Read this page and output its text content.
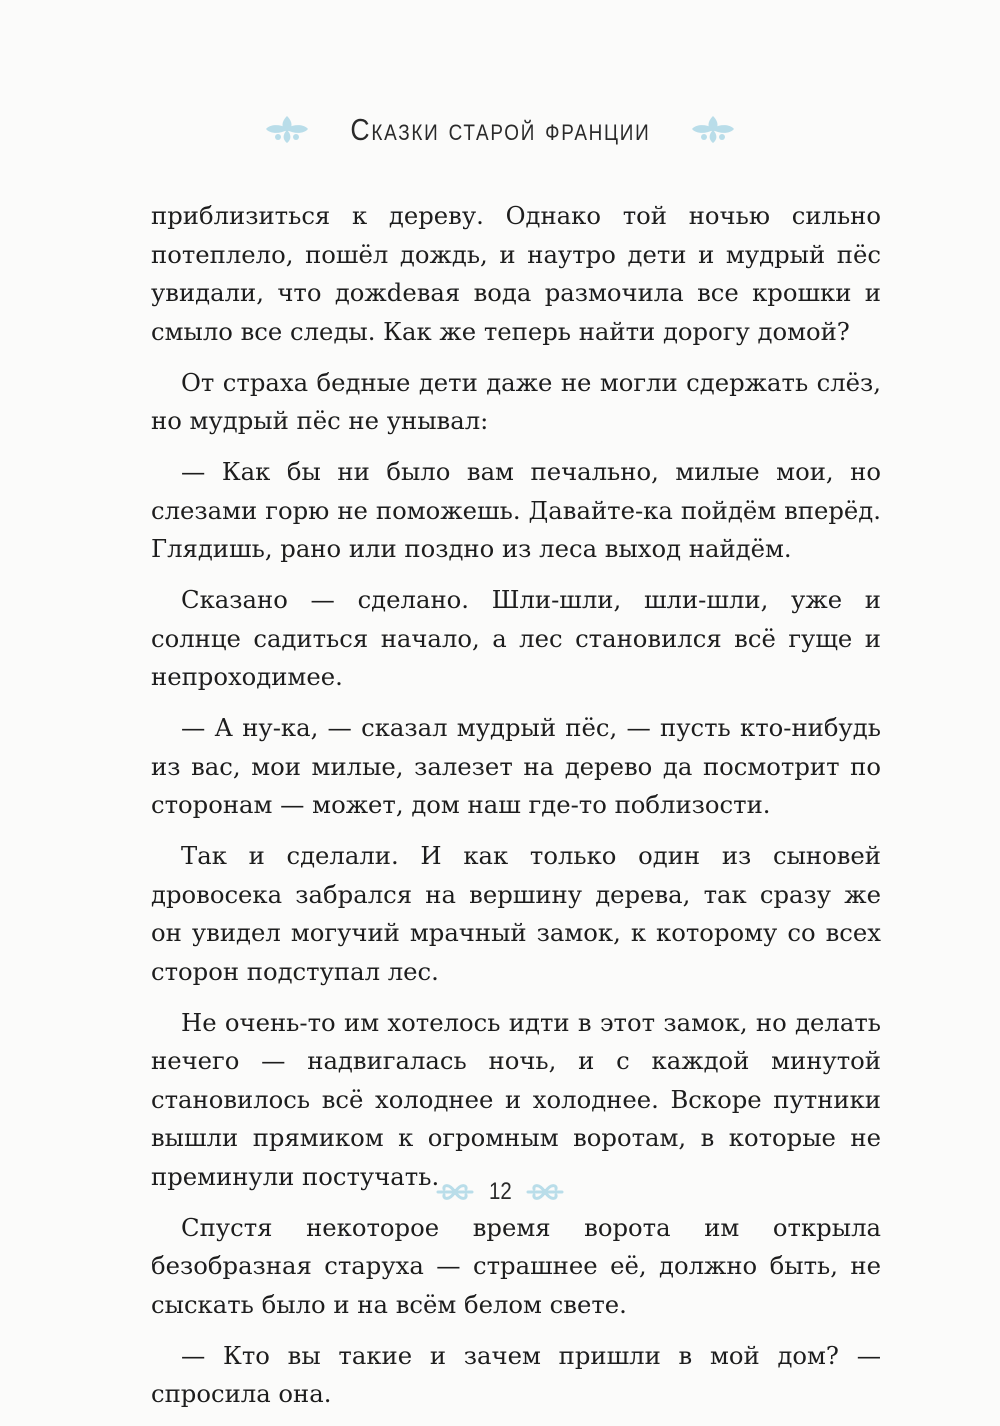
Сказки старой франции

приблизиться к дереву. Однако той ночью сильно потеплело, пошёл дождь, и наутро дети и мудрый пёс увидали, что дожdевая вода размочила все крошки и смыло все следы. Как же теперь найти дорогу домой?

От страха бедные дети даже не могли сдержать слёз, но мудрый пёс не унывал:

— Как бы ни было вам печально, милые мои, но слезами горю не поможешь. Давайте-ка пойдём вперёд. Глядишь, рано или поздно из леса выход найдём.

Сказано — сделано. Шли-шли, шли-шли, уже и солнце садиться начало, а лес становился всё гуще и непроходимее.

— А ну-ка, — сказал мудрый пёс, — пусть кто-нибудь из вас, мои милые, залезет на дерево да посмотрит по сторонам — может, дом наш где-то поблизости.

Так и сделали. И как только один из сыновей дровосека забрался на вершину дерева, так сразу же он увидел могучий мрачный замок, к которому со всех сторон подступал лес.

Не очень-то им хотелось идти в этот замок, но делать нечего — надвигалась ночь, и с каждой минутой становилось всё холоднее и холоднее. Вскоре путники вышли прямиком к огромным воротам, в которые не преминули постучать.

Спустя некоторое время ворота им открыла безобразная старуха — страшнее её, должно быть, не сыскать было и на всём белом свете.

— Кто вы такие и зачем пришли в мой дом? — спросила она.

12
